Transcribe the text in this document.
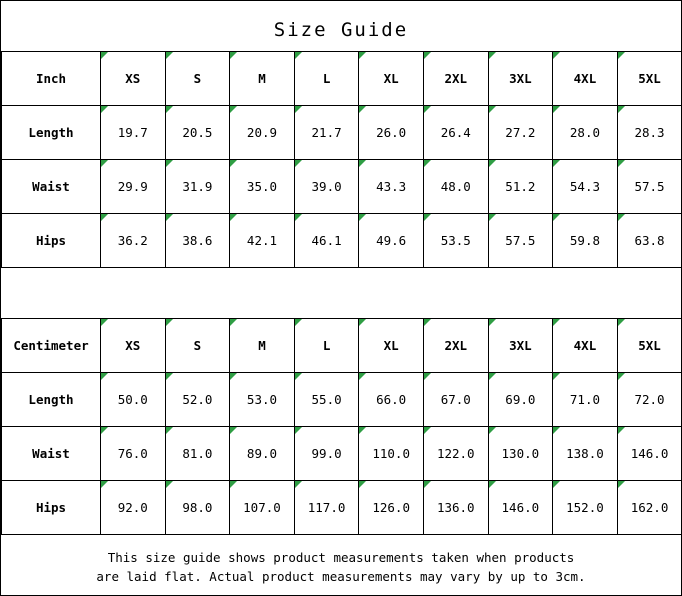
Size Guide
Inch	XS	S	M	L	XL	2XL	3XL	4XL	5XL
Length	19.7	20.5	20.9	21.7	26.0	26.4	27.2	28.0	28.3
Waist	29.9	31.9	35.0	39.0	43.3	48.0	51.2	54.3	57.5
Hips	36.2	38.6	42.1	46.1	49.6	53.5	57.5	59.8	63.8
Centimeter	XS	S	M	L	XL	2XL	3XL	4XL	5XL
Length	50.0	52.0	53.0	55.0	66.0	67.0	69.0	71.0	72.0
Waist	76.0	81.0	89.0	99.0	110.0	122.0	130.0	138.0	146.0
Hips	92.0	98.0	107.0	117.0	126.0	136.0	146.0	152.0	162.0
This size guide shows product measurements taken when products
are laid flat. Actual product measurements may vary by up to 3cm.
